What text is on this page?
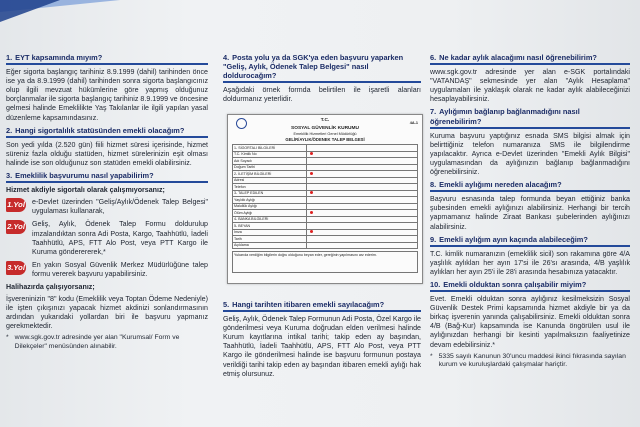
1. EYT kapsamında mıyım?
Eğer sigorta başlangıç tarihiniz 8.9.1999 (dahil) tarihinden önce ise ya da 8.9.1999 (dahil) tarihinden sonra sigorta başlangıcınız olup ilgili mevzuat hükümlerine göre yapmış olduğunuz borçlanmalar ile sigorta başlangıç tarihiniz 8.9.1999 ve öncesine gelmesi halinde Emeklilikte Yaş Takılanlar ile ilgili yapılan yasal düzenleme kapsamındasınız.
2. Hangi sigortalılık statüsünden emekli olacağım?
Son yedi yılda (2.520 gün) fiili hizmet süresi içerisinde, hizmet süreniz fazla olduğu statüden, hizmet sürelerinizin eşit olması halinde ise son olduğunuz son statüden emekli olabilirsiniz.
3. Emeklilik başvurumu nasıl yapabilirim?
Hizmet akdiyle sigortalı olarak çalışmıyorsanız;
1.Yol e-Devlet üzerinden "Geliş/Aylık/Ödenek Talep Belgesi" uygulaması kullanarak,
2.Yol Geliş, Aylık, Ödenek Talep Formu doldurulup imzalandıktan sonra Adi Posta, Kargo, Taahhütlü, İadeli Taahhütlü, APS, FTT Alo Post, veya PTT Kargo ile Kuruma gönderererek,*
3.Yol En yakın Sosyal Güvenlik Merkez Müdürlüğüne talep formu vererek başvuru yapabilirsiniz.
Halihazırda çalışıyorsanız;
İşvereninizin "8" kodu (Emeklilik veya Toptan Ödeme Nedeniyle) ile işten çıkışınızı yapacak hizmet akdinizi sonlandırmasının ardından yukarıdaki yollardan biri ile başvuru yapmanız gerekmektedir.
* www.sgk.gov.tr adresinde yer alan "Kurumsal/ Form ve Dilekçeler" menüsünden alınabilir.
4. Posta yolu ya da SGK'ya eden başvuru yaparken "Geliş, Aylık, Ödenek Talep Belgesi" nasıl doldurocağım?
Aşağıdaki örnek formda belirtilen ile işaretli alanları doldurmanız yeterlidir.
4A-1
T.C.
SOSYAL GÜVENLİK KURUMU
Emeklilik Hizmetleri Genel Müdürlüğü
GELİR/AYLIK/ÖDENEK TALEP BELGESİ
1- SİGORTALI BİLGİLERİ	
T.C. Kimlik No	
Adı Soyadı	
Doğum Tarihi	
2- İLETİŞİM BİLGİLERİ	
Adresi	
Telefon	
3- TALEP EDİLEN	
Yaşlılık Aylığı	
Malullük Aylığı	
Ölüm Aylığı	
4- BANKA BİLGİLERİ	
5- BEYAN	
İmza	
Tarih	
Açıklama	
Yukarıda verdiğim bilgilerin doğru olduğunu beyan eder, gereğinin yapılmasını arz ederim.
5. Hangi tarihten itibaren emekli sayılacağım?
Geliş, Aylık, Ödenek Talep Formunun Adi Posta, Özel Kargo ile gönderilmesi veya Kuruma doğrudan elden verilmesi halinde Kurum kayıtlarına intikal tarihi; takip eden ay başından, Taahhütlü, İadeli Taahhütlü, APS, FTT Alo Post, veya PTT Kargo ile gönderilmesi halinde ise başvuru formunun postaya verildiği tarihi takip eden ay başından itibaren emekli aylığı hak etmiş olursunuz.
6. Ne kadar aylık alacağımı nasıl öğrenebilirim?
www.sgk.gov.tr adresinde yer alan e-SGK portalındaki "VATANDAŞ" sekmesinde yer alan "Aylık Hesaplama" uygulamaları ile yaklaşık olarak ne kadar aylık alabileceğinizi hesaplayabilirsiniz.
7. Aylığımın bağlanıp bağlanmadığını nasıl öğrenebilirim?
Kuruma başvuru yaptığınız esnada SMS bilgisi almak için belirttiğiniz telefon numaranıza SMS ile bilgilendirme yapılacaktır. Ayrıca e-Devlet üzerinden "Emekli Aylık Bilgisi" uygulamasından da aylığınızın bağlanıp bağlanmadığını öğrenebilirsiniz.
8. Emekli aylığımı nereden alacağım?
Başvuru esnasında talep formunda beyan ettiğiniz banka şubesinden emekli aylığınızı alabilirsiniz. Herhangi bir tercih yapmamanız halinde Ziraat Bankası şubelerinden aylığınızı alabilirsiniz.
9. Emekli aylığım ayın kaçında alabileceğim?
T.C. kimlik numaranızın (emeklilik sicil) son rakamına göre 4/A yaşlılık aylıkları her ayın 17'si ile 26'sı arasında, 4/B yaşlılık aylıkları her ayın 25'i ile 28'i arasında hesabınıza yatacaktır.
10. Emekli olduktan sonra çalışabilir miyim?
Evet. Emekli olduktan sonra aylığınız kesilmeksizin Sosyal Güvenlik Destek Primi kapsamında hizmet akdiyle bir ya da birkaç işverenin yanında çalışabilirsiniz. Emekli olduktan sonra 4/B (Bağ-Kur) kapsamında ise Kanunda öngörülen usul ile aylığınızdan herhangi bir kesinti yapılmaksızın faaliyetinize devam edebilirsiniz.*
* 5335 sayılı Kanunun 30'uncu maddesi ikinci fıkrasında sayılan kurum ve kuruluşlardaki çalışmalar hariçtir.
